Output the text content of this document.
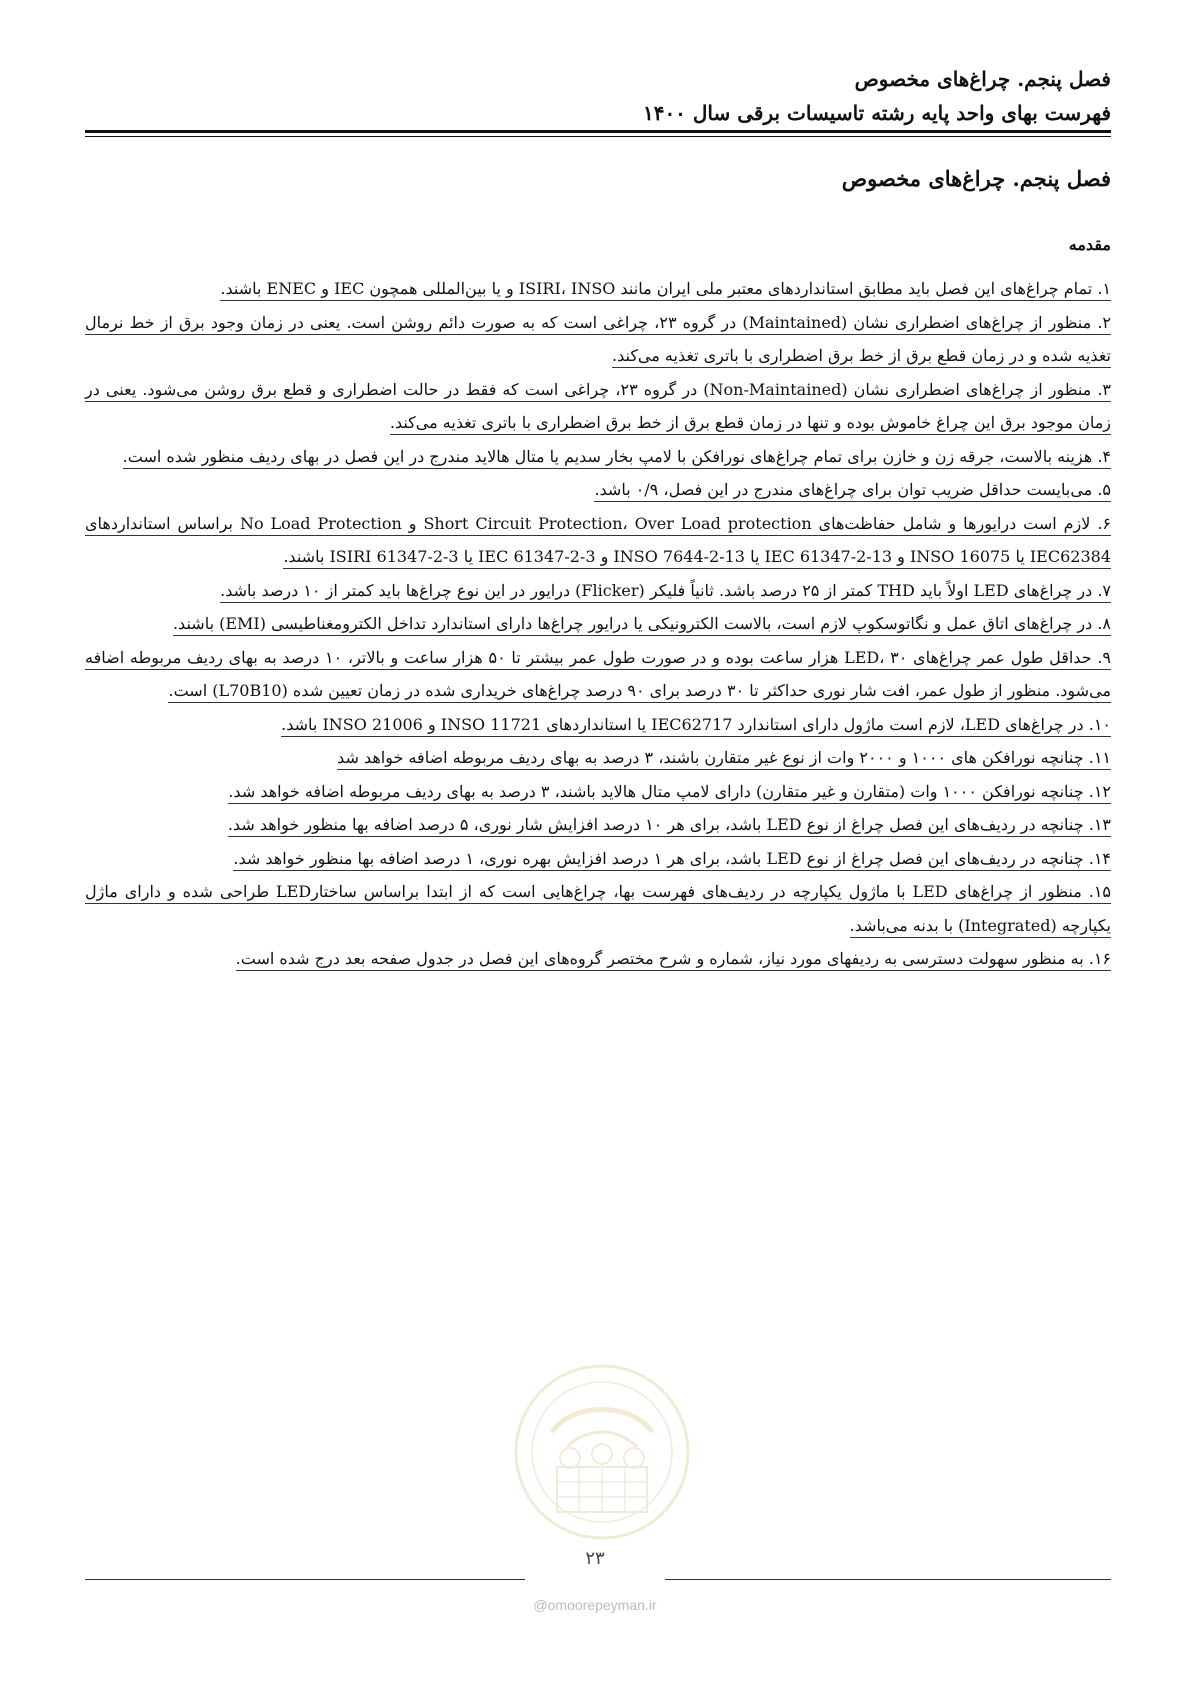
فصل پنجم. چراغ‌های مخصوص
فهرست بهای واحد پایه رشته تاسیسات برقی سال ۱۴۰۰
فصل پنجم. چراغ‌های مخصوص
مقدمه

۱. تمام چراغ‌های این فصل باید مطابق استانداردهای معتبر ملی ایران مانند ISIRI، INSO و یا بین‌المللی همچون IEC و ENEC باشند.

۲. منظور از چراغ‌های اضطراری نشان (Maintained) در گروه ۲۳، چراغی است که به صورت دائم روشن است. یعنی در زمان وجود برق از خط نرمال تغذیه شده و در زمان قطع برق از خط برق اضطراری با باتری تغذیه می‌کند.

۳. منظور از چراغ‌های اضطراری نشان (Non-Maintained) در گروه ۲۳، چراغی است که فقط در حالت اضطراری و قطع برق روشن می‌شود. یعنی در زمان موجود برق این چراغ خاموش بوده و تنها در زمان قطع برق از خط برق اضطراری با باتری تغذیه می‌کند.

۴. هزینه بالاست، جرقه زن و خازن برای تمام چراغ‌های نورافکن با لامپ بخار سدیم یا متال هالاید مندرج در این فصل در بهای ردیف منظور شده است.

۵. می‌بایست حداقل ضریب توان برای چراغ‌های مندرج در این فصل، ۰/۹ باشد.

۶. لازم است درایورها و شامل حفاظت‌های Short Circuit Protection، Over Load protection و No Load Protection براساس استانداردهای IEC62384 یا INSO 16075 و IEC 61347-2-13 یا INSO 7644-2-13 و IEC 61347-2-3 یا ISIRI 61347-2-3 باشند.

۷. در چراغ‌های LED اولاً باید THD کمتر از ۲۵ درصد باشد. ثانیاً فلیکر (Flicker) درایور در این نوع چراغ‌ها باید کمتر از ۱۰ درصد باشد.

۸. در چراغ‌های اتاق عمل و نگاتوسکوپ لازم است، بالاست الکترونیکی یا درایور چراغ‌ها دارای استاندارد تداخل الکترومغناطیسی (EMI) باشند.

۹. حداقل طول عمر چراغ‌های LED، ۳۰ هزار ساعت بوده و در صورت طول عمر بیشتر تا ۵۰ هزار ساعت و بالاتر، ۱۰ درصد به بهای ردیف مربوطه اضافه می‌شود. منظور از طول عمر، افت شار نوری حداکثر تا ۳۰ درصد برای ۹۰ درصد چراغ‌های خریداری شده در زمان تعیین شده (L70B10) است.

۱۰. در چراغ‌های LED، لازم است ماژول دارای استاندارد IEC62717 یا استانداردهای INSO 11721 و INSO 21006 باشد.

۱۱. چنانچه نورافکن های ۱۰۰۰ و ۲۰۰۰ وات از نوع غیر متقارن باشند، ۳ درصد به بهای ردیف مربوطه اضافه خواهد شد

۱۲. چنانچه نورافکن ۱۰۰۰ وات (متقارن و غیر متقارن) دارای لامپ متال هالاید باشند، ۳ درصد به بهای ردیف مربوطه اضافه خواهد شد.

۱۳. چنانچه در ردیف‌های این فصل چراغ از نوع LED باشد، برای هر ۱۰ درصد افزایش شار نوری، ۵ درصد اضافه بها منظور خواهد شد.

۱۴. چنانچه در ردیف‌های این فصل چراغ از نوع LED باشد، برای هر ۱ درصد افزایش بهره نوری، ۱ درصد اضافه بها منظور خواهد شد.

۱۵. منظور از چراغ‌های LED با ماژول یکپارچه در ردیف‌های فهرست بها، چراغ‌هایی است که از ابتدا براساس ساختارLED طراحی شده و دارای ماژل یکپارچه (Integrated) با بدنه می‌باشد.

۱۶. به منظور سهولت دسترسی به ردیفهای مورد نیاز، شماره و شرح مختصر گروه‌های این فصل در جدول صفحه بعد درج شده است.

۲۳
@omoorepeyman.ir
